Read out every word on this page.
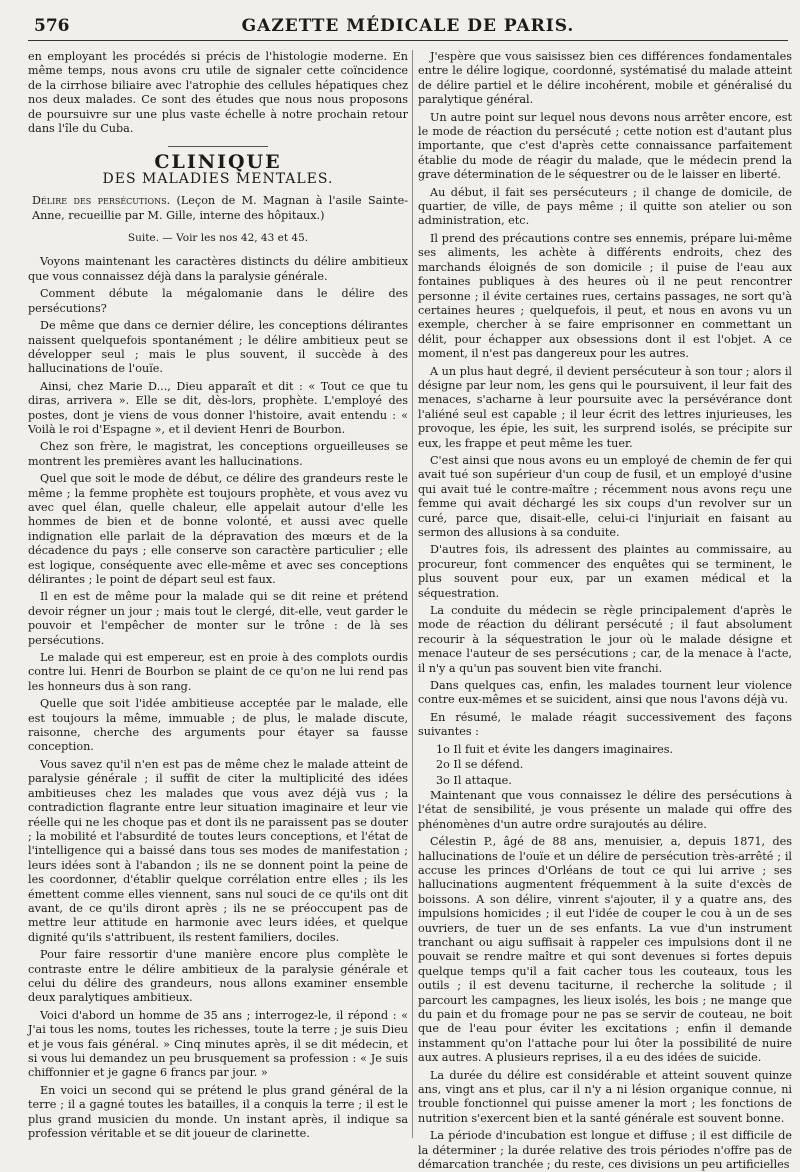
576	GAZETTE MÉDICALE DE PARIS.

en employant les procédés si précis de l'histologie moderne. En même temps, nous avons cru utile de signaler cette coïncidence de la cirrhose biliaire avec l'atrophie des cellules hépatiques chez nos deux malades. Ce sont des études que nous nous proposons de poursuivre sur une plus vaste échelle à notre prochain retour dans l'île du Cuba.

CLINIQUE
DES MALADIES MENTALES.

Délire des persécutions. (Leçon de M. Magnan à l'asile Sainte-Anne, recueillie par M. Gille, interne des hôpitaux.)

Suite. — Voir les nos 42, 43 et 45.

Voyons maintenant les caractères distincts du délire ambitieux que vous connaissez déjà dans la paralysie générale.

Comment débute la mégalomanie dans le délire des persécutions?

De même que dans ce dernier délire, les conceptions délirantes naissent quelquefois spontanément ; le délire ambitieux peut se développer seul ; mais le plus souvent, il succède à des hallucinations de l'ouïe.

Ainsi, chez Marie D..., Dieu apparaît et dit : « Tout ce que tu diras, arrivera ». Elle se dit, dès-lors, prophète. L'employé des postes, dont je viens de vous donner l'histoire, avait entendu : « Voilà le roi d'Espagne », et il devient Henri de Bourbon.

Chez son frère, le magistrat, les conceptions orgueilleuses se montrent les premières avant les hallucinations.

Quel que soit le mode de début, ce délire des grandeurs reste le même ; la femme prophète est toujours prophète, et vous avez vu avec quel élan, quelle chaleur, elle appelait autour d'elle les hommes de bien et de bonne volonté, et aussi avec quelle indignation elle parlait de la dépravation des mœurs et de la décadence du pays ; elle conserve son caractère particulier ; elle est logique, conséquente avec elle-même et avec ses conceptions délirantes ; le point de départ seul est faux.

Il en est de même pour la malade qui se dit reine et prétend devoir régner un jour ; mais tout le clergé, dit-elle, veut garder le pouvoir et l'empêcher de monter sur le trône : de là ses persécutions.

Le malade qui est empereur, est en proie à des complots ourdis contre lui. Henri de Bourbon se plaint de ce qu'on ne lui rend pas les honneurs dus à son rang.

Quelle que soit l'idée ambitieuse acceptée par le malade, elle est toujours la même, immuable ; de plus, le malade discute, raisonne, cherche des arguments pour étayer sa fausse conception.

Vous savez qu'il n'en est pas de même chez le malade atteint de paralysie générale ; il suffit de citer la multiplicité des idées ambitieuses chez les malades que vous avez déjà vus ; la contradiction flagrante entre leur situation imaginaire et leur vie réelle qui ne les choque pas et dont ils ne paraissent pas se douter ; la mobilité et l'absurdité de toutes leurs conceptions, et l'état de l'intelligence qui a baissé dans tous ses modes de manifestation ; leurs idées sont à l'abandon ; ils ne se donnent point la peine de les coordonner, d'établir quelque corrélation entre elles ; ils les émettent comme elles viennent, sans nul souci de ce qu'ils ont dit avant, de ce qu'ils diront après ; ils ne se préoccupent pas de mettre leur attitude en harmonie avec leurs idées, et quelque dignité qu'ils s'attribuent, ils restent familiers, dociles.

Pour faire ressortir d'une manière encore plus complète le contraste entre le délire ambitieux de la paralysie générale et celui du délire des grandeurs, nous allons examiner ensemble deux paralytiques ambitieux.

Voici d'abord un homme de 35 ans ; interrogez-le, il répond : « J'ai tous les noms, toutes les richesses, toute la terre ; je suis Dieu et je vous fais général. » Cinq minutes après, il se dit médecin, et si vous lui demandez un peu brusquement sa profession : « Je suis chiffonnier et je gagne 6 francs par jour. »

En voici un second qui se prétend le plus grand général de la terre ; il a gagné toutes les batailles, il a conquis la terre ; il est le plus grand musicien du monde. Un instant après, il indique sa profession véritable et se dit joueur de clarinette.

J'espère que vous saisissez bien ces différences fondamentales entre le délire logique, coordonné, systématisé du malade atteint de délire partiel et le délire incohérent, mobile et généralisé du paralytique général.

Un autre point sur lequel nous devons nous arrêter encore, est le mode de réaction du persécuté ; cette notion est d'autant plus importante, que c'est d'après cette connaissance parfaitement établie du mode de réagir du malade, que le médecin prend la grave détermination de le séquestrer ou de le laisser en liberté.

Au début, il fait ses persécuteurs ; il change de domicile, de quartier, de ville, de pays même ; il quitte son atelier ou son administration, etc.

Il prend des précautions contre ses ennemis, prépare lui-même ses aliments, les achète à différents endroits, chez des marchands éloignés de son domicile ; il puise de l'eau aux fontaines publiques à des heures où il ne peut rencontrer personne ; il évite certaines rues, certains passages, ne sort qu'à certaines heures ; quelquefois, il peut, et nous en avons vu un exemple, chercher à se faire emprisonner en commettant un délit, pour échapper aux obsessions dont il est l'objet. A ce moment, il n'est pas dangereux pour les autres.

A un plus haut degré, il devient persécuteur à son tour ; alors il désigne par leur nom, les gens qui le poursuivent, il leur fait des menaces, s'acharne à leur poursuite avec la persévérance dont l'aliéné seul est capable ; il leur écrit des lettres injurieuses, les provoque, les épie, les suit, les surprend isolés, se précipite sur eux, les frappe et peut même les tuer.

C'est ainsi que nous avons eu un employé de chemin de fer qui avait tué son supérieur d'un coup de fusil, et un employé d'usine qui avait tué le contre-maître ; récemment nous avons reçu une femme qui avait déchargé les six coups d'un revolver sur un curé, parce que, disait-elle, celui-ci l'injuriait en faisant au sermon des allusions à sa conduite.

D'autres fois, ils adressent des plaintes au commissaire, au procureur, font commencer des enquêtes qui se terminent, le plus souvent pour eux, par un examen médical et la séquestration.

La conduite du médecin se règle principalement d'après le mode de réaction du délirant persécuté ; il faut absolument recourir à la séquestration le jour où le malade désigne et menace l'auteur de ses persécutions ; car, de la menace à l'acte, il n'y a qu'un pas souvent bien vite franchi.

Dans quelques cas, enfin, les malades tournent leur violence contre eux-mêmes et se suicident, ainsi que nous l'avons déjà vu.

En résumé, le malade réagit successivement des façons suivantes :

1o Il fuit et évite les dangers imaginaires.

2o Il se défend.

3o Il attaque.

Maintenant que vous connaissez le délire des persécutions à l'état de sensibilité, je vous présente un malade qui offre des phénomènes d'un autre ordre surajoutés au délire.

Célestin P., âgé de 88 ans, menuisier, a, depuis 1871, des hallucinations de l'ouïe et un délire de persécution très-arrêté ; il accuse les princes d'Orléans de tout ce qui lui arrive ; ses hallucinations augmentent fréquemment à la suite d'excès de boissons. A son délire, vinrent s'ajouter, il y a quatre ans, des impulsions homicides ; il eut l'idée de couper le cou à un de ses ouvriers, de tuer un de ses enfants. La vue d'un instrument tranchant ou aigu suffisait à rappeler ces impulsions dont il ne pouvait se rendre maître et qui sont devenues si fortes depuis quelque temps qu'il a fait cacher tous les couteaux, tous les outils ; il est devenu taciturne, il recherche la solitude ; il parcourt les campagnes, les lieux isolés, les bois ; ne mange que du pain et du fromage pour ne pas se servir de couteau, ne boit que de l'eau pour éviter les excitations ; enfin il demande instamment qu'on l'attache pour lui ôter la possibilité de nuire aux autres. A plusieurs reprises, il a eu des idées de suicide.

La durée du délire est considérable et atteint souvent quinze ans, vingt ans et plus, car il n'y a ni lésion organique connue, ni trouble fonctionnel qui puisse amener la mort ; les fonctions de nutrition s'exercent bien et la santé générale est souvent bonne.

La période d'incubation est longue et diffuse ; il est difficile de la déterminer ; la durée relative des trois périodes n'offre pas de démarcation tranchée ; du reste, ces divisions un peu artificielles
